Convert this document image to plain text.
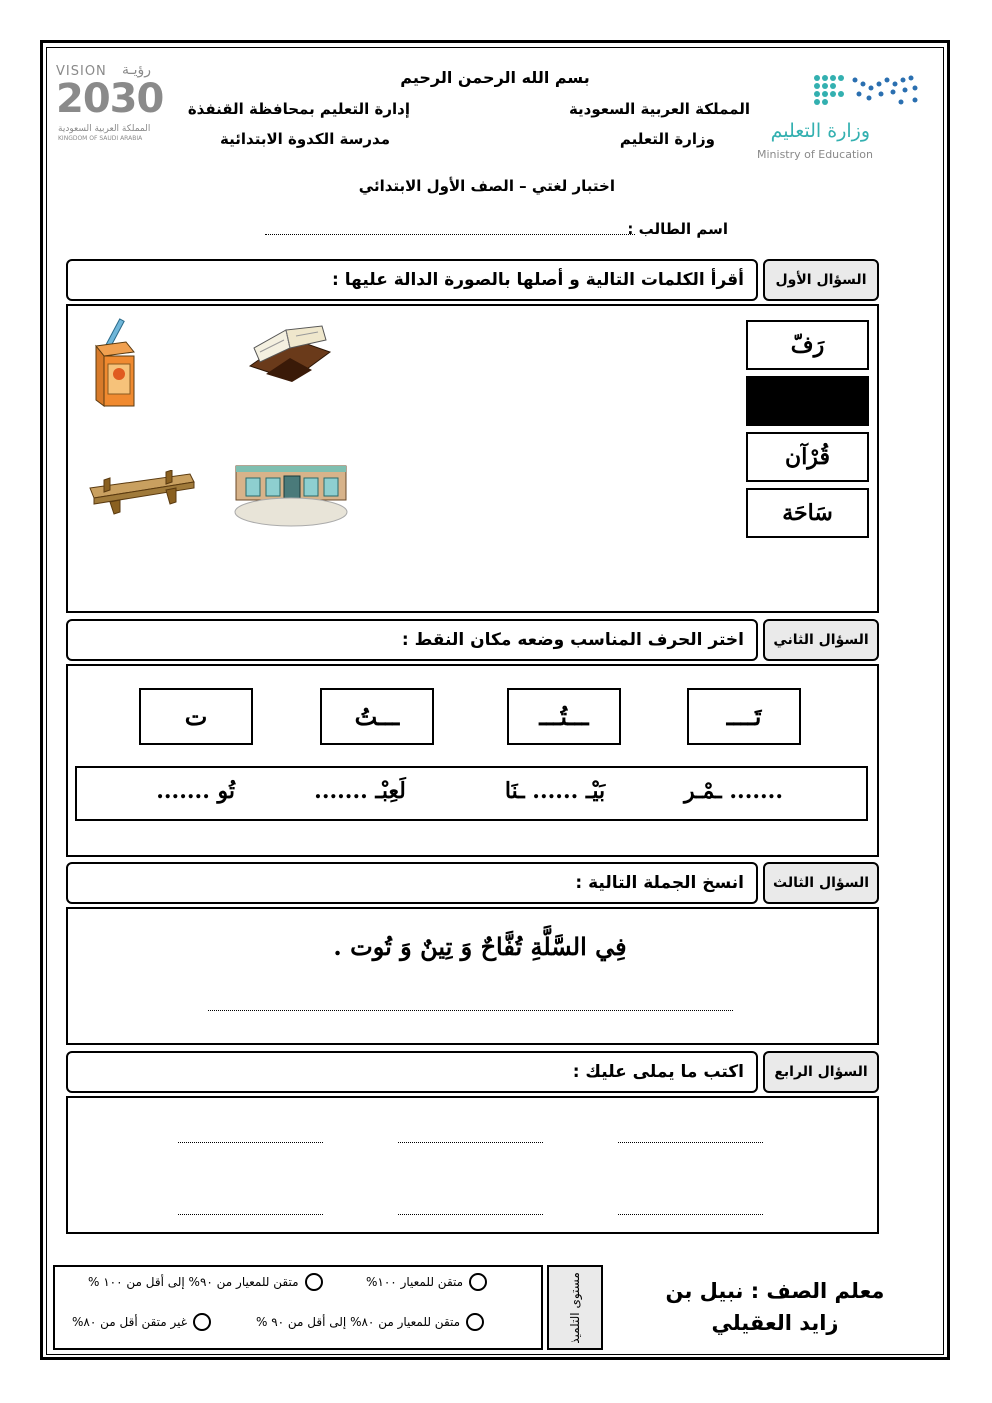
VISION رؤيـة
2030
المملكة العربية السعودية
KINGDOM OF SAUDI ARABIA
بسم الله الرحمن الرحيم
المملكة العربية السعودية
وزارة التعليم
إدارة التعليم بمحافظة القنفذة
مدرسة الكدوة الابتدائية	وزارة التعليم
Ministry of Education
اختبار لغتي – الصف الأول الابتدائي
اسم الطالب :
السؤال الأول
أقرأ الكلمات التالية و أصلها بالصورة الدالة عليها :
رَفّ
قُرْآن
سَاحَة
السؤال الثاني
اختر الحرف المناسب وضعه مكان النقط :
تَــــ
ـــتُـــ
ـــتُ
ت
....... ـمْـر
بَيْـ ...... ـنَا
لَعِبْـ .......
تُو .......
السؤال الثالث
انسخ الجملة التالية :
فِي السَّلَّةِ تُفَّاحٌ وَ تِينٌ وَ تُوت .
السؤال الرابع
اكتب ما يملى عليك :
مستوى التلميذ
متقن للمعيار ١٠٠%
متقن للمعيار من ٩٠% إلى أقل من ١٠٠ %
متقن للمعيار من ٨٠% إلى أقل من ٩٠ %
غير متقن أقل من ٨٠%
معلم الصف : نبيل بن زايد العقيلي
